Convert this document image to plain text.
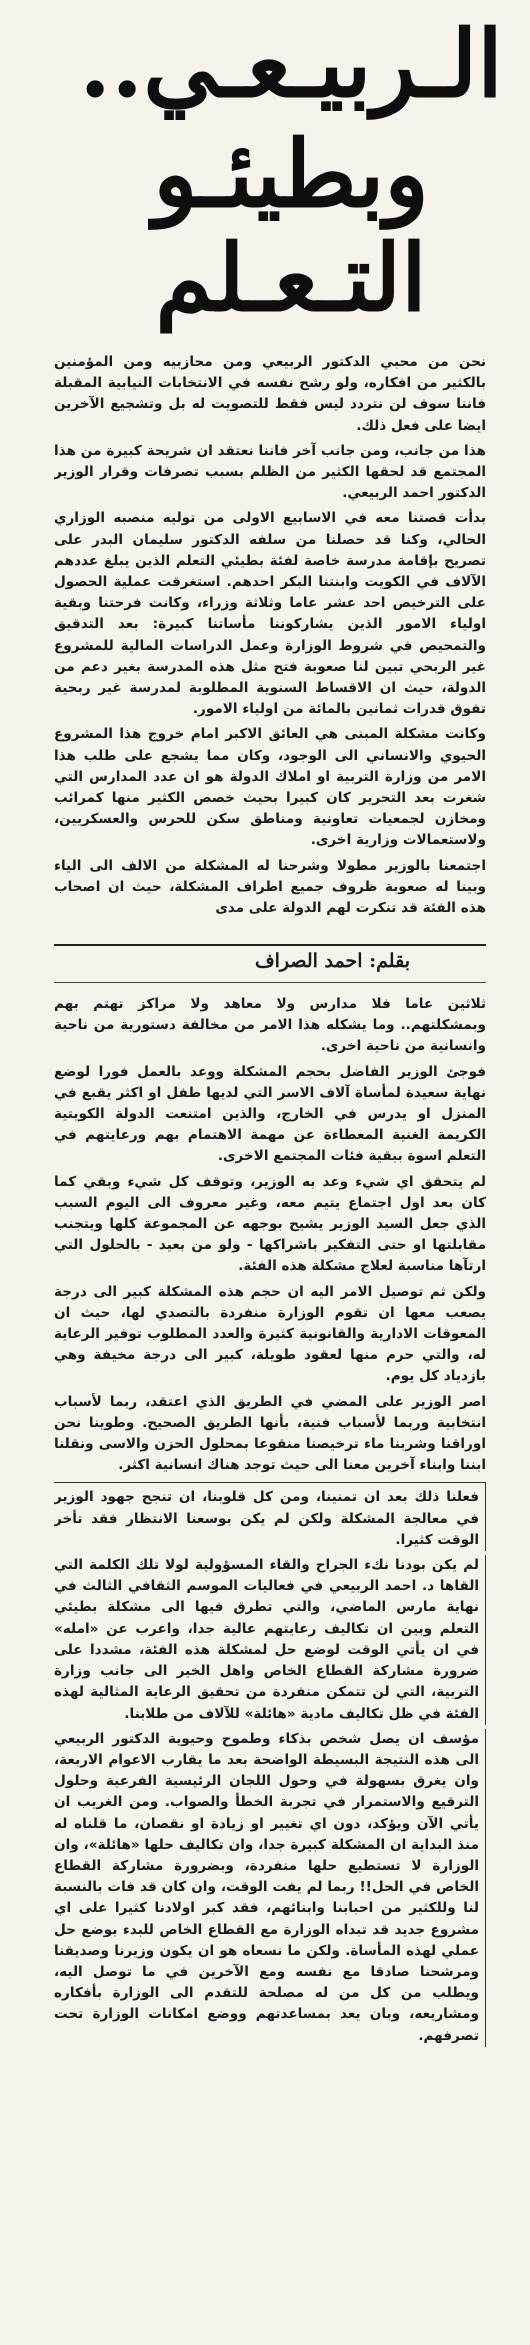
الـربيـعـي..
وبطيئـو
التـعـلم

نحن من محبي الدكتور الربيعي ومن محازبيه ومن المؤمنين بالكثير من افكاره، ولو رشح نفسه في الانتخابات النيابية المقبلة فاننا سوف لن نتردد ليس فقط للتصويت له بل وتشجيع الآخرين ايضا على فعل ذلك.

هذا من جانب، ومن جانب آخر فاننا نعتقد ان شريحة كبيرة من هذا المجتمع قد لحقها الكثير من الظلم بسبب تصرفات وقرار الوزير الدكتور احمد الربيعي.

بدأت قصتنا معه في الاسابيع الاولى من توليه منصبه الوزاري الحالي، وكنا قد حصلنا من سلفه الدكتور سليمان البدر على تصريح بإقامة مدرسة خاصة لفئة بطيئي التعلم الذين يبلغ عددهم الآلاف في الكويت وابنتنا البكر احدهم. استغرقت عملية الحصول على الترخيص احد عشر عاما وثلاثة وزراء، وكانت فرحتنا وبقية اولياء الامور الذين يشاركوننا مأساتنا كبيرة: بعد التدقيق والتمحيص في شروط الوزارة وعمل الدراسات المالية للمشروع غير الربحي تبين لنا صعوبة فتح مثل هذه المدرسة بغير دعم من الدولة، حيث ان الاقساط السنوية المطلوبة لمدرسة غير ربحية تفوق قدرات ثمانين بالمائة من اولياء الامور.

وكانت مشكلة المبنى هي العائق الاكبر امام خروج هذا المشروع الحيوي والانساني الى الوجود، وكان مما يشجع على طلب هذا الامر من وزارة التربية او املاك الدولة هو ان عدد المدارس التي شغرت بعد التحرير كان كبيرا بحيث خصص الكثير منها كمرائب ومخازن لجمعيات تعاونية ومناطق سكن للحرس والعسكريين، ولاستعمالات وزارية اخرى.

اجتمعنا بالوزير مطولا وشرحنا له المشكلة من الالف الى الياء وبينا له صعوبة ظروف جميع اطراف المشكلة، حيث ان اصحاب هذه الفئة قد تنكرت لهم الدولة على مدى

بقلم: احمد الصراف

ثلاثين عاما فلا مدارس ولا معاهد ولا مراكز تهتم بهم وبمشكلتهم.. وما يشكله هذا الامر من مخالفة دستورية من ناحية وانسانية من ناحية اخرى.

فوجئ الوزير الفاضل بحجم المشكلة ووعد بالعمل فورا لوضع نهاية سعيدة لمأساة آلاف الاسر التي لديها طفل او اكثر يقبع في المنزل او يدرس في الخارج، والذين امتنعت الدولة الكويتية الكريمة الغنية المعطاءة عن مهمة الاهتمام بهم ورعايتهم في التعلم اسوة ببقية فئات المجتمع الاخرى.

لم يتحقق اي شيء وعد به الوزير، وتوقف كل شيء وبقي كما كان بعد اول اجتماع يتيم معه، وغير معروف الى اليوم السبب الذي جعل السيد الوزير يشيح بوجهه عن المجموعة كلها ويتجنب مقابلتها او حتى التفكير باشراكها - ولو من بعيد - بالحلول التي ارتآها مناسبة لعلاج مشكلة هذه الفئة.

ولكن ثم توصيل الامر اليه ان حجم هذه المشكلة كبير الى درجة يصعب معها ان تقوم الوزارة منفردة بالتصدي لها، حيث ان المعوقات الادارية والقانونية كثيرة والعدد المطلوب توفير الرعاية له، والتي حرم منها لعقود طويلة، كبير الى درجة مخيفة وهي بازدياد كل يوم.

اصر الوزير على المضي في الطريق الذي اعتقد، ربما لأسباب انتخابية وربما لأسباب فنية، بأنها الطريق الصحيح. وطوينا نحن اوراقنا وشربنا ماء ترخيصنا منقوعا بمحلول الحزن والاسى ونقلنا ابننا وابناء آخرين معنا الى حيث توجد هناك انسانية اكثر.

فعلنا ذلك بعد ان تمنينا، ومن كل قلوبنا، ان تنجح جهود الوزير في معالجة المشكلة ولكن لم يكن بوسعنا الانتظار فقد تأخر الوقت كثيرا.

لم يكن بودنا نكء الجراح والقاء المسؤولية لولا تلك الكلمة التي القاها د. احمد الربيعي في فعاليات الموسم الثقافي الثالث في نهاية مارس الماضي، والتي تطرق فيها الى مشكلة بطيئي التعلم وبين ان تكاليف رعايتهم عالية جدا، واعرب عن «امله» في ان يأتي الوقت لوضع حل لمشكلة هذه الفئة، مشددا على ضرورة مشاركة القطاع الخاص واهل الخير الى جانب وزارة التربية، التي لن تتمكن منفردة من تحقيق الرعاية المثالية لهذه الفئة في ظل تكاليف مادية «هائلة» للآلاف من طلابنا.

مؤسف ان يصل شخص بذكاء وطموح وحيوية الدكتور الربيعي الى هذه النتيجة البسيطة الواضحة بعد ما يقارب الاعوام الاربعة، وان يغرق بسهولة في وحول اللجان الرئيسية الفرعية وحلول الترقيع والاستمرار في تجربة الخطأ والصواب. ومن الغريب ان يأتي الآن ويؤكد، دون اي تغيير او زيادة او نقصان، ما قلناه له منذ البداية ان المشكلة كبيرة جدا، وان تكاليف حلها «هائلة»، وان الوزارة لا تستطيع حلها منفردة، وبضرورة مشاركة القطاع الخاص في الحل!! ربما لم يفت الوقت، وان كان قد فات بالنسبة لنا وللكثير من احبابنا وابنائهم، فقد كبر اولادنا كثيرا على اي مشروع جديد قد تبداه الوزارة مع القطاع الخاص للبدء بوضع حل عملي لهذه المأساة. ولكن ما نسعاه هو ان يكون وزيرنا وصديقنا ومرشحنا صادقا مع نفسه ومع الآخرين في ما توصل اليه، ويطلب من كل من له مصلحة للتقدم الى الوزارة بأفكاره ومشاريعه، وبان يعد بمساعدتهم ووضع امكانات الوزارة تحت تصرفهم.
